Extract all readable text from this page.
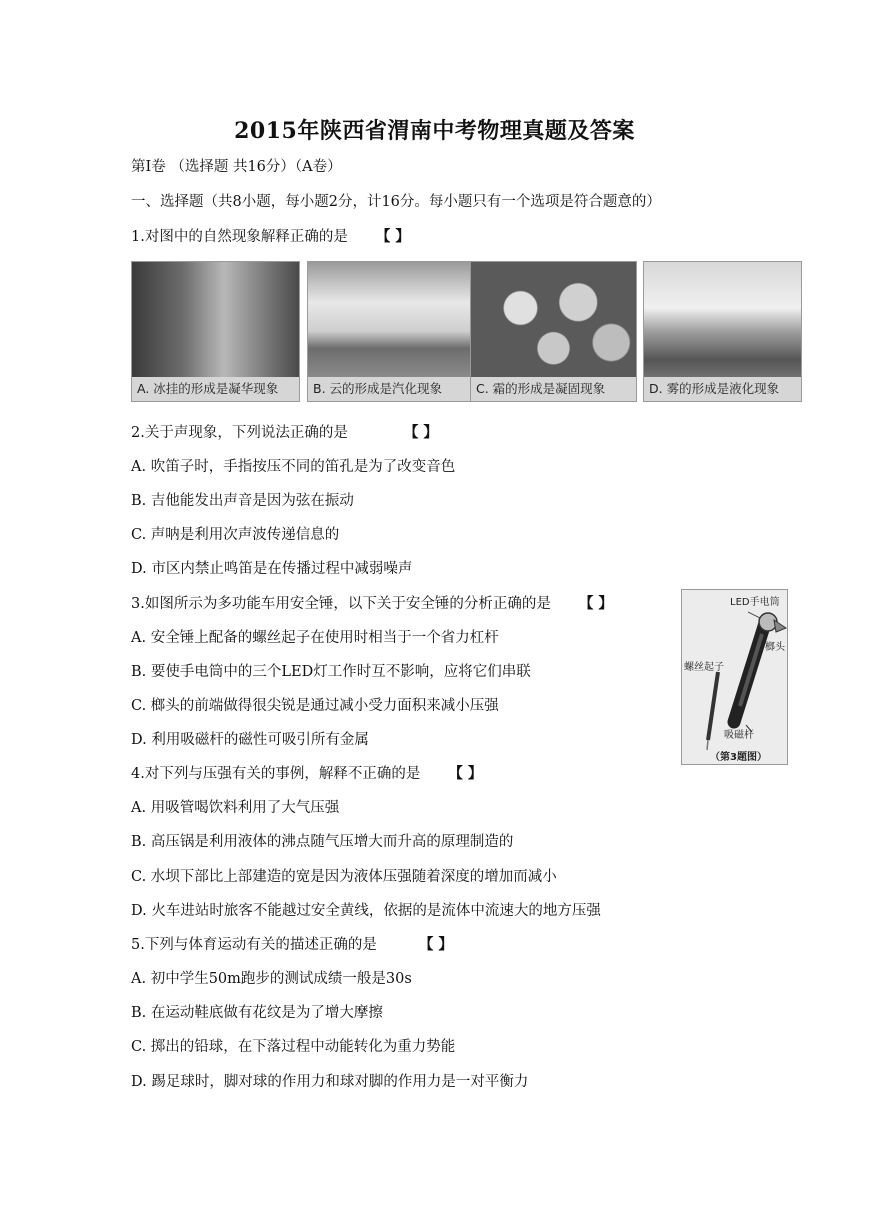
2015年陕西省渭南中考物理真题及答案
第Ⅰ卷 （选择题 共16分）（A卷）
一、选择题（共8小题，每小题2分，计16分。每小题只有一个选项是符合题意的）
1.对图中的自然现象解释正确的是 【 】
A. 冰挂的形成是凝华现象	B. 云的形成是汽化现象	C. 霜的形成是凝固现象	D. 雾的形成是液化现象
2.关于声现象，下列说法正确的是	【 】
A. 吹笛子时，手指按压不同的笛孔是为了改变音色
B. 吉他能发出声音是因为弦在振动
C. 声呐是利用次声波传递信息的
D. 市区内禁止鸣笛是在传播过程中减弱噪声
3.如图所示为多功能车用安全锤，以下关于安全锤的分析正确的是 【 】
A. 安全锤上配备的螺丝起子在使用时相当于一个省力杠杆
B. 要使手电筒中的三个LED灯工作时互不影响，应将它们串联
C. 榔头的前端做得很尖锐是通过减小受力面积来减小压强
D. 利用吸磁杆的磁性可吸引所有金属
LED手电筒
榔头
螺丝起子
吸磁杆
（第3题图）
4.对下列与压强有关的事例，解释不正确的是 【 】
A. 用吸管喝饮料利用了大气压强
B. 高压锅是利用液体的沸点随气压增大而升高的原理制造的
C. 水坝下部比上部建造的宽是因为液体压强随着深度的增加而减小
D. 火车进站时旅客不能越过安全黄线，依据的是流体中流速大的地方压强
5.下列与体育运动有关的描述正确的是	【 】
A. 初中学生50m跑步的测试成绩一般是30s
B. 在运动鞋底做有花纹是为了增大摩擦
C. 掷出的铅球，在下落过程中动能转化为重力势能
D. 踢足球时，脚对球的作用力和球对脚的作用力是一对平衡力
